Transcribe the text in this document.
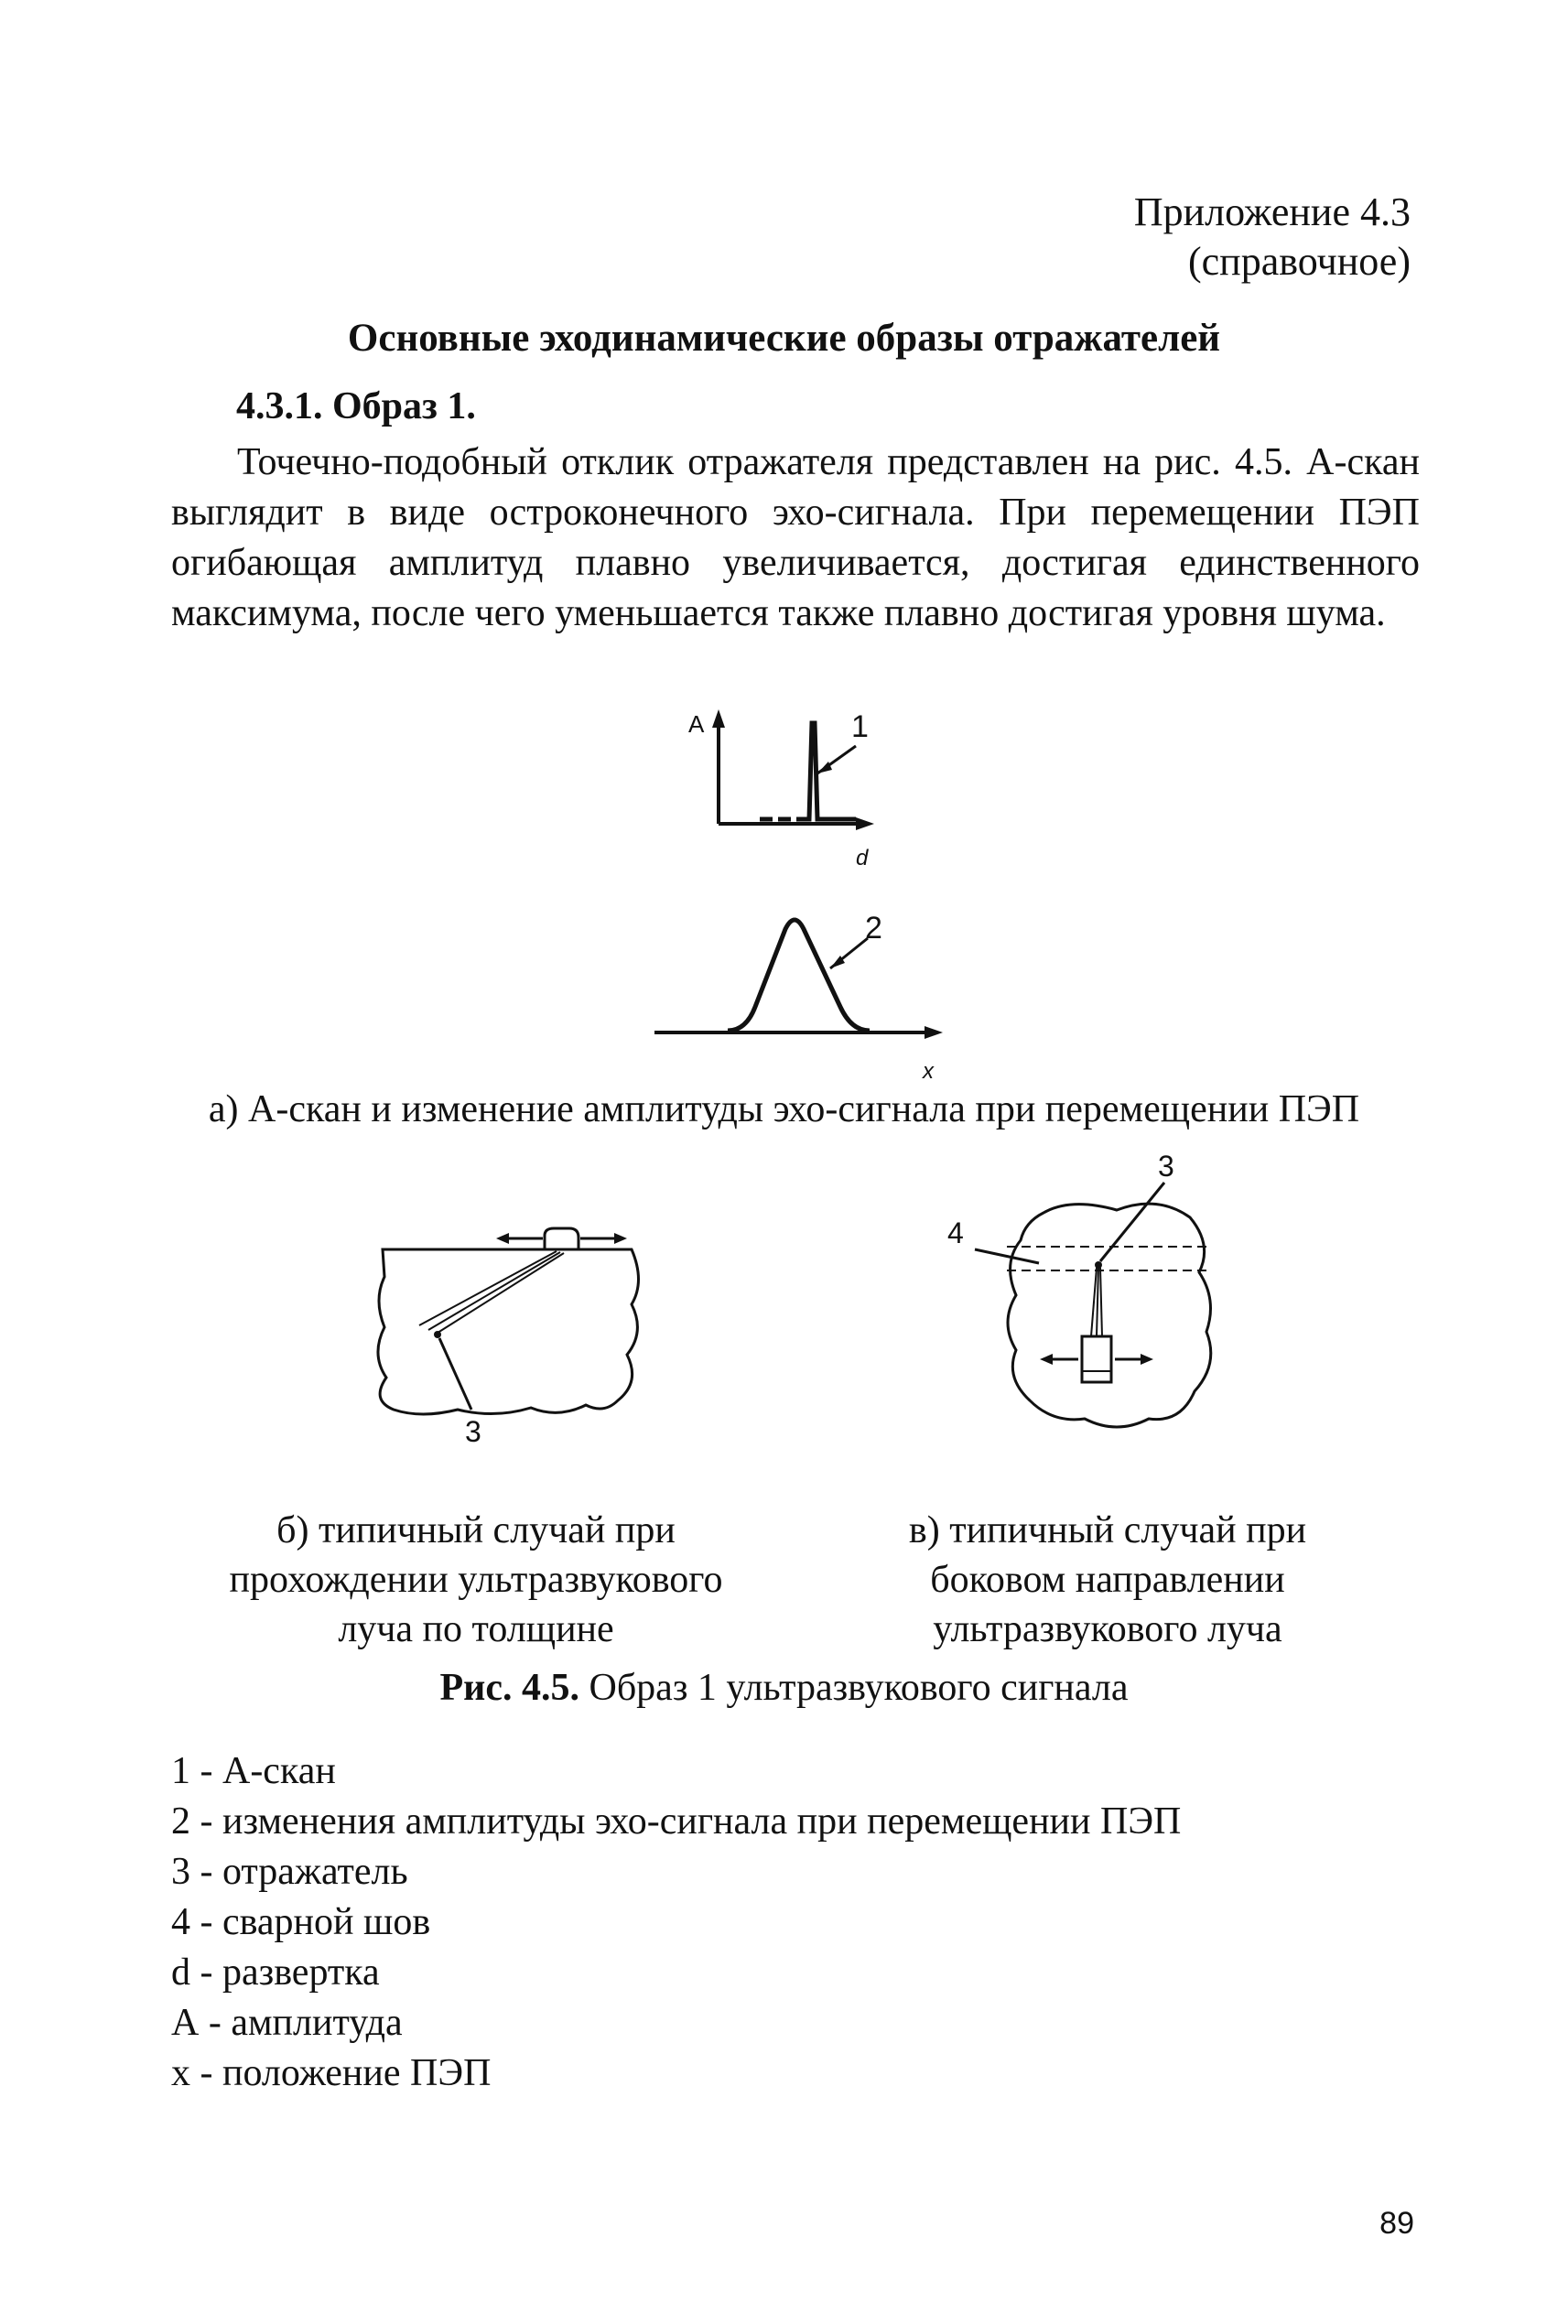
Приложение 4.3
(справочное)
Основные эходинамические образы отражателей
4.3.1. Образ 1.

Точечно-подобный отклик отражателя представлен на рис. 4.5. А-скан выглядит в виде остроконечного эхо-сигнала. При перемещении ПЭП огибающая амплитуд плавно увеличивается, достигая единственного максимума, после чего уменьшается также плавно достигая уровня шума.

A
d
1
x
2
а) А-скан и изменение амплитуды эхо-сигнала при перемещении ПЭП
3
3
4
б) типичный случай при
прохождении ультразвукового
луча по толщине
в) типичный случай при
боковом направлении
ультразвукового луча
Рис. 4.5. Образ 1 ультразвукового сигнала
1 - А-скан
2 - изменения амплитуды эхо-сигнала при перемещении ПЭП
3 - отражатель
4 - сварной шов
d - развертка
А - амплитуда
x - положение ПЭП
89
